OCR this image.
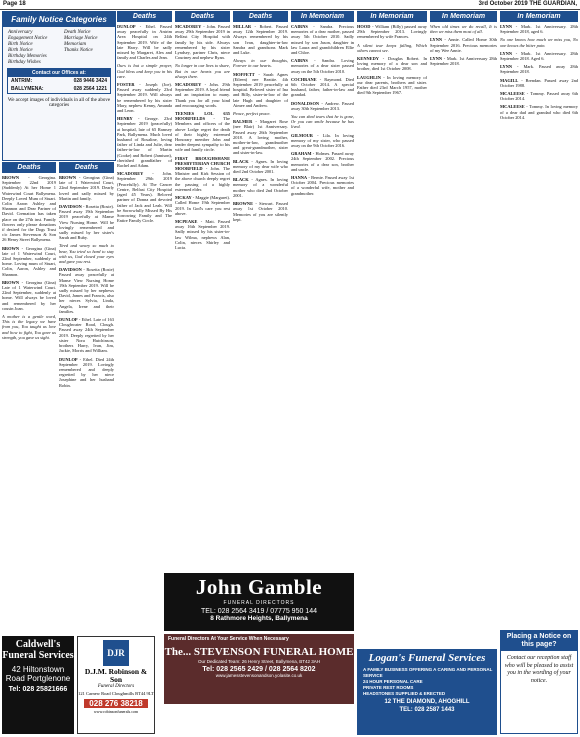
Page 18	3rd October 2019 THE GUARDIAN,
Family Notice Categories
Anniversary	Death Notice
Engagement Notice	Marriage Notice
Birth Notice	Memoriam
Birth Notice	Thanks Notice
Birthday Memories
Birthday Wishes
Contact our Offices at:
ANTRIM:	028 9446 3424
BALLYMENA:	028 2564 1221
We accept images of individuals in all of the above categories
Deaths
BROWN - Georgina. September 22nd 2019 (Suddenly) At her Home 1 Waterwind Court Ballymena. Deeply Loved Mum of Stuart. Colin Aaron Ashley and Shannon and Dear Partner of David. Cremation has taken place on the 27th inst. Family flowers only please donations if desired for the Dogs Trust c/o James Stevenson & Son 26 Henry Street Ballymena.
BROWN - Georgina (Gina) late of 1 Waterwind Court, 22nd September, suddenly at home. Loving mum of Stuart, Colin, Aaron, Ashley and Shannon.
BROWN - Georgina (Gina) Late of 1 Waterwind Court. 22nd September, suddenly at home. Will always be loved and remembered by her cousin Joan.
A mother is a gentle word, This is the legacy we have from you, You taught us love and how to fight, You gave us strength, you gave us sight.
Deaths
BROWN - Georgina (Gina) late of 1 Waterwind Court, 22nd September 2019. Dearly loved and sadly missed by Martin and family.
DAVIDSON - Rosetta (Rosie). Passed away 19th September 2019 peacefully at Manse View Nursing Home. Will be lovingly remembered and sadly missed by her sister's Sarah and Ruby.
Tired and weary so much to bear, You tried so hard to stay with us, God closed your eyes and gave you rest.
DAVIDSON - Rosetta (Rosie) Passed away peacefully at Manse View Nursing Home 19th September 2019. Will be sadly missed by her nephews David, James and Francis, also her nieces Sylvia, Linda, Angela, Irene and their families.
DUNLOP - Ethel. Late of 163 Cloughwater Road, Clough. Passed away 24th September 2019. Deeply regretted by her sister Nora Hutchinson, brothers Harry, Ivan, Jim, Jackie, Morris and William.
DUNLOP - Ethel. Died 24th September 2019. Lovingly remembered and deeply regretted by her niece Josephine and her husband Robin.
Deaths
DUNLOP - Ethel. Passed away peacefully in Antrim Area Hospital on 24th September 2019. Wife of the late Harry. Will be sadly missed by Margaret, Alex and family and Charles and Jean.
Ours is but a simple prayer, God bless and keep you in his care.
FOSTER - Joseph (Joe). Passed away suddenly 23rd September 2019. Will always be remembered by his sister Mary, nephew Kenny, Amanda and Leon.
HENRY - George. 23rd September 2019 (peacefully) at hospital, late of 65 Ramsey Park, Ballymena. Much loved husband of Rosaline, loving father of Linda and Julie, dear father-in-law of Martin (Cooke) and Robert (Jamison), cherished grandfather of Rachel and Adam.
MCADOREY - John. September 29th 2019 (Peacefully). At The Cancer Centre, Belfast City Hospital (aged 45 Years). Beloved partner of Donna and devoted father of Jack and Leah. Will be Sorrowfully Missed By His Sorrowing Family and The Entire Family Circle.
Deaths
MCADOREY - John. Passed away 29th September 2019 in Belfast City Hospital with family by his side. Always remembered by his sister Lyndsey, partner Chris, niece Courtney and nephew Ryan.
No longer in our lives to share, But in our hearts you are always there.
MCADOREY - John. 29th September 2019. A loyal friend and an inspiration to many. Thank you for all your kind and encouraging words.
TEENIES LOL 635 MOORFIELDS - The Members and officers of the above Lodge regret the death of their highly esteemed Honorary member John and tender deepest sympathy to his wife and family circle.
FIRST BROUGHSHANE PRESBYTERIAN CHURCH MOORFIELD - John. The Minister and Kirk Session of the above church deeply regret the passing of a highly esteemed elder.
MCKAY - Maggie (Margaret). Called Home 19th September 2019. In God's care you rest above.
MCPEAKE - Matt. Passed away 16th September 2019. Sadly missed by his sister-in-law Wilma, nephews Alan, Colin, nieces Shirley and Lucia.
Deaths
MILLAR - Robert. Passed away 12th September 2019. Always remembered by his son Ivan, daughter-in-law Sandra and grandsons Mark and Luke.
Always in our thoughts, Forever in our hearts.
MOFFETT - Sarah Agnes (Eileen) nee Beattie. 4th September 2019 peacefully at hospital. Beloved sister of Ina and Billy, sister-in-law of the late Hugh and daughter of Aimee and Andrew.
Peace, perfect peace.
BALMER - Margaret Rose (nee Blair) 1st Anniversary. Passed away 26th September 2018. A loving mother, mother-in-law, grandmother and great-grandmother, sister and sister-in-law.
BLACK - Agnes. In loving memory of my dear wife who died 2nd October 2001.
BLACK - Agnes. In loving memory of a wonderful mother who died 2nd October 2001.
BROWNE - Stewart. Passed away 1st October 2010. Memories of you are silently kept.
In Memoriam
CAIRNS - Sandra. Precious memories of a dear mother, passed away 5th October 2010. Sadly missed by son Jason, daughter in law Laura and grandchildren Ellie and Chloe.
CAIRNS - Sandra. Loving memories of a dear sister passed away on the 5th October 2010.
COCHRANE - Raymond. Died 6th October 2014. A special husband, father, father-in-law and grandad.
DONALDSON - Andrew. Passed away 30th September 2013.
You can shed tears that he is gone, Or you can smile because he has lived.
GILMOUR - Lila. In loving memory of my sister, who passed away on the 9th October 2016.
GRAHAM - Holmes. Passed away 24th September 2002. Precious memories of a dear son, brother and uncle.
HANNA - Bernie. Passed away 1st October 2004. Precious memories of a wonderful wife, mother and grandmother.
In Memoriam
HOOD - William (Billy) passed away 29th September 2013. Lovingly remembered by wife Frances.
A silent tear keeps falling, Which others cannot see.
KENNEDY - Douglas Robert. In loving memory of a dear son and brother, died 1st October 2008.
LAUGHLIN - In loving memory of our dear parents, brothers and sister. Father died 23rd March 1957, mother died 9th September 1967.
In Memoriam
When old times we do recall, It is then we miss them most of all.
LYNN - Annie. Called Home 30th September 2016. Precious memories of my Wee Annie.
LYNN - Mark. 1st Anniversary 28th September 2018.
In Memoriam
LYNN - Mark. 1st Anniversary. 28th September 2018, aged 6.
No one knows how much we miss you, No one knows the bitter pain.
LYNN - Mark. 1st Anniversary. 28th September 2018. Aged 6.
LYNN - Mark. Passed away 28th September 2018.
MAGILL - Brendan. Passed away 2nd October 1988.
MCALEESE - Tommy. Passed away 6th October 2014.
MCALEESE - Tommy. In loving memory of a dear dad and grandad who died 6th October 2014.
John Gamble
FUNERAL DIRECTORS
TEL: 028 2564 3419 / 07775 950 144
8 Rathmore Heights, Ballymena
Funeral Directors At Your Service When Necessary
The... STEVENSON FUNERAL HOME
Our Dedicated Team: 26 Henry Street, Ballymena, BT42 3AH
Tel: 028 2565 2429 / 028 2564 8202
www.jamesstevensonandson.yolasite.co.uk
Caldwell's Funeral Services
42 Hiltonstown Road Portglenone
Tel: 028 25821666
DJR
D.J.M. Robinson & Son
Funeral Directors
121 Carnew Road Cloughmills BT44 9LT
028 276 38218
www.robinsonfunerals.com
Logan's Funeral Services
A FAMILY BUSINESS OFFERING A CARING AND PERSONAL SERVICE
24 HOUR PERSONAL CARE
PRIVATE REST ROOMS
HEADSTONES SUPPLIED & ERECTED
12 THE DIAMOND, AHOGHILL
TEL: 028 2587 1443
Placing a Notice on this page?
Contact our reception staff who will be pleased to assist you in the wording of your notice.
